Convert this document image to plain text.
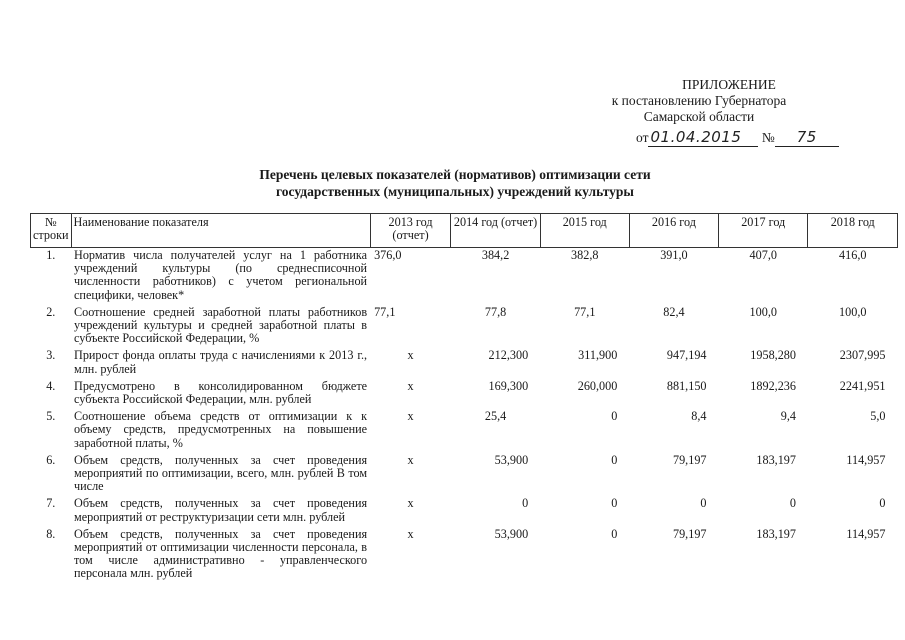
ПРИЛОЖЕНИЕ
к постановлению Губернатора
Самарской области
от 01.04.2015 № 75
Перечень целевых показателей (нормативов) оптимизации сети
государственных (муниципальных) учреждений культуры
№ строки	Наименование показателя	2013 год (отчет)	2014 год (отчет)	2015 год	2016 год	2017 год	2018 год
1.	Норматив числа получателей услуг на 1 работника учреждений культуры (по среднесписочной численности работников) с учетом региональной специфики, человек*	376,0	384,2	382,8	391,0	407,0	416,0
2.	Соотношение средней заработной платы работников учреждений культуры и средней заработной платы в субъекте Российской Федерации, %	77,1	77,8	77,1	82,4	100,0	100,0
3.	Прирост фонда оплаты труда с начислениями к 2013 г., млн. рублей	x	212,300	311,900	947,194	1958,280	2307,995
4.	Предусмотрено в консолидированном бюджете субъекта Российской Федерации, млн. рублей	x	169,300	260,000	881,150	1892,236	2241,951
5.	Соотношение объема средств от оптимизации к к объему средств, предусмотренных на повышение заработной платы, %	x	25,4	0	8,4	9,4	5,0
6.	Объем средств, полученных за счет проведения мероприятий по оптимизации, всего, млн. рублей В том числе	x	53,900	0	79,197	183,197	114,957
7.	Объем средств, полученных за счет проведения мероприятий от реструктуризации сети млн. рублей	x	0	0	0	0	0
8.	Объем средств, полученных за счет проведения мероприятий от оптимизации численности персонала, в том числе административно - управленческого персонала млн. рублей	x	53,900	0	79,197	183,197	114,957
